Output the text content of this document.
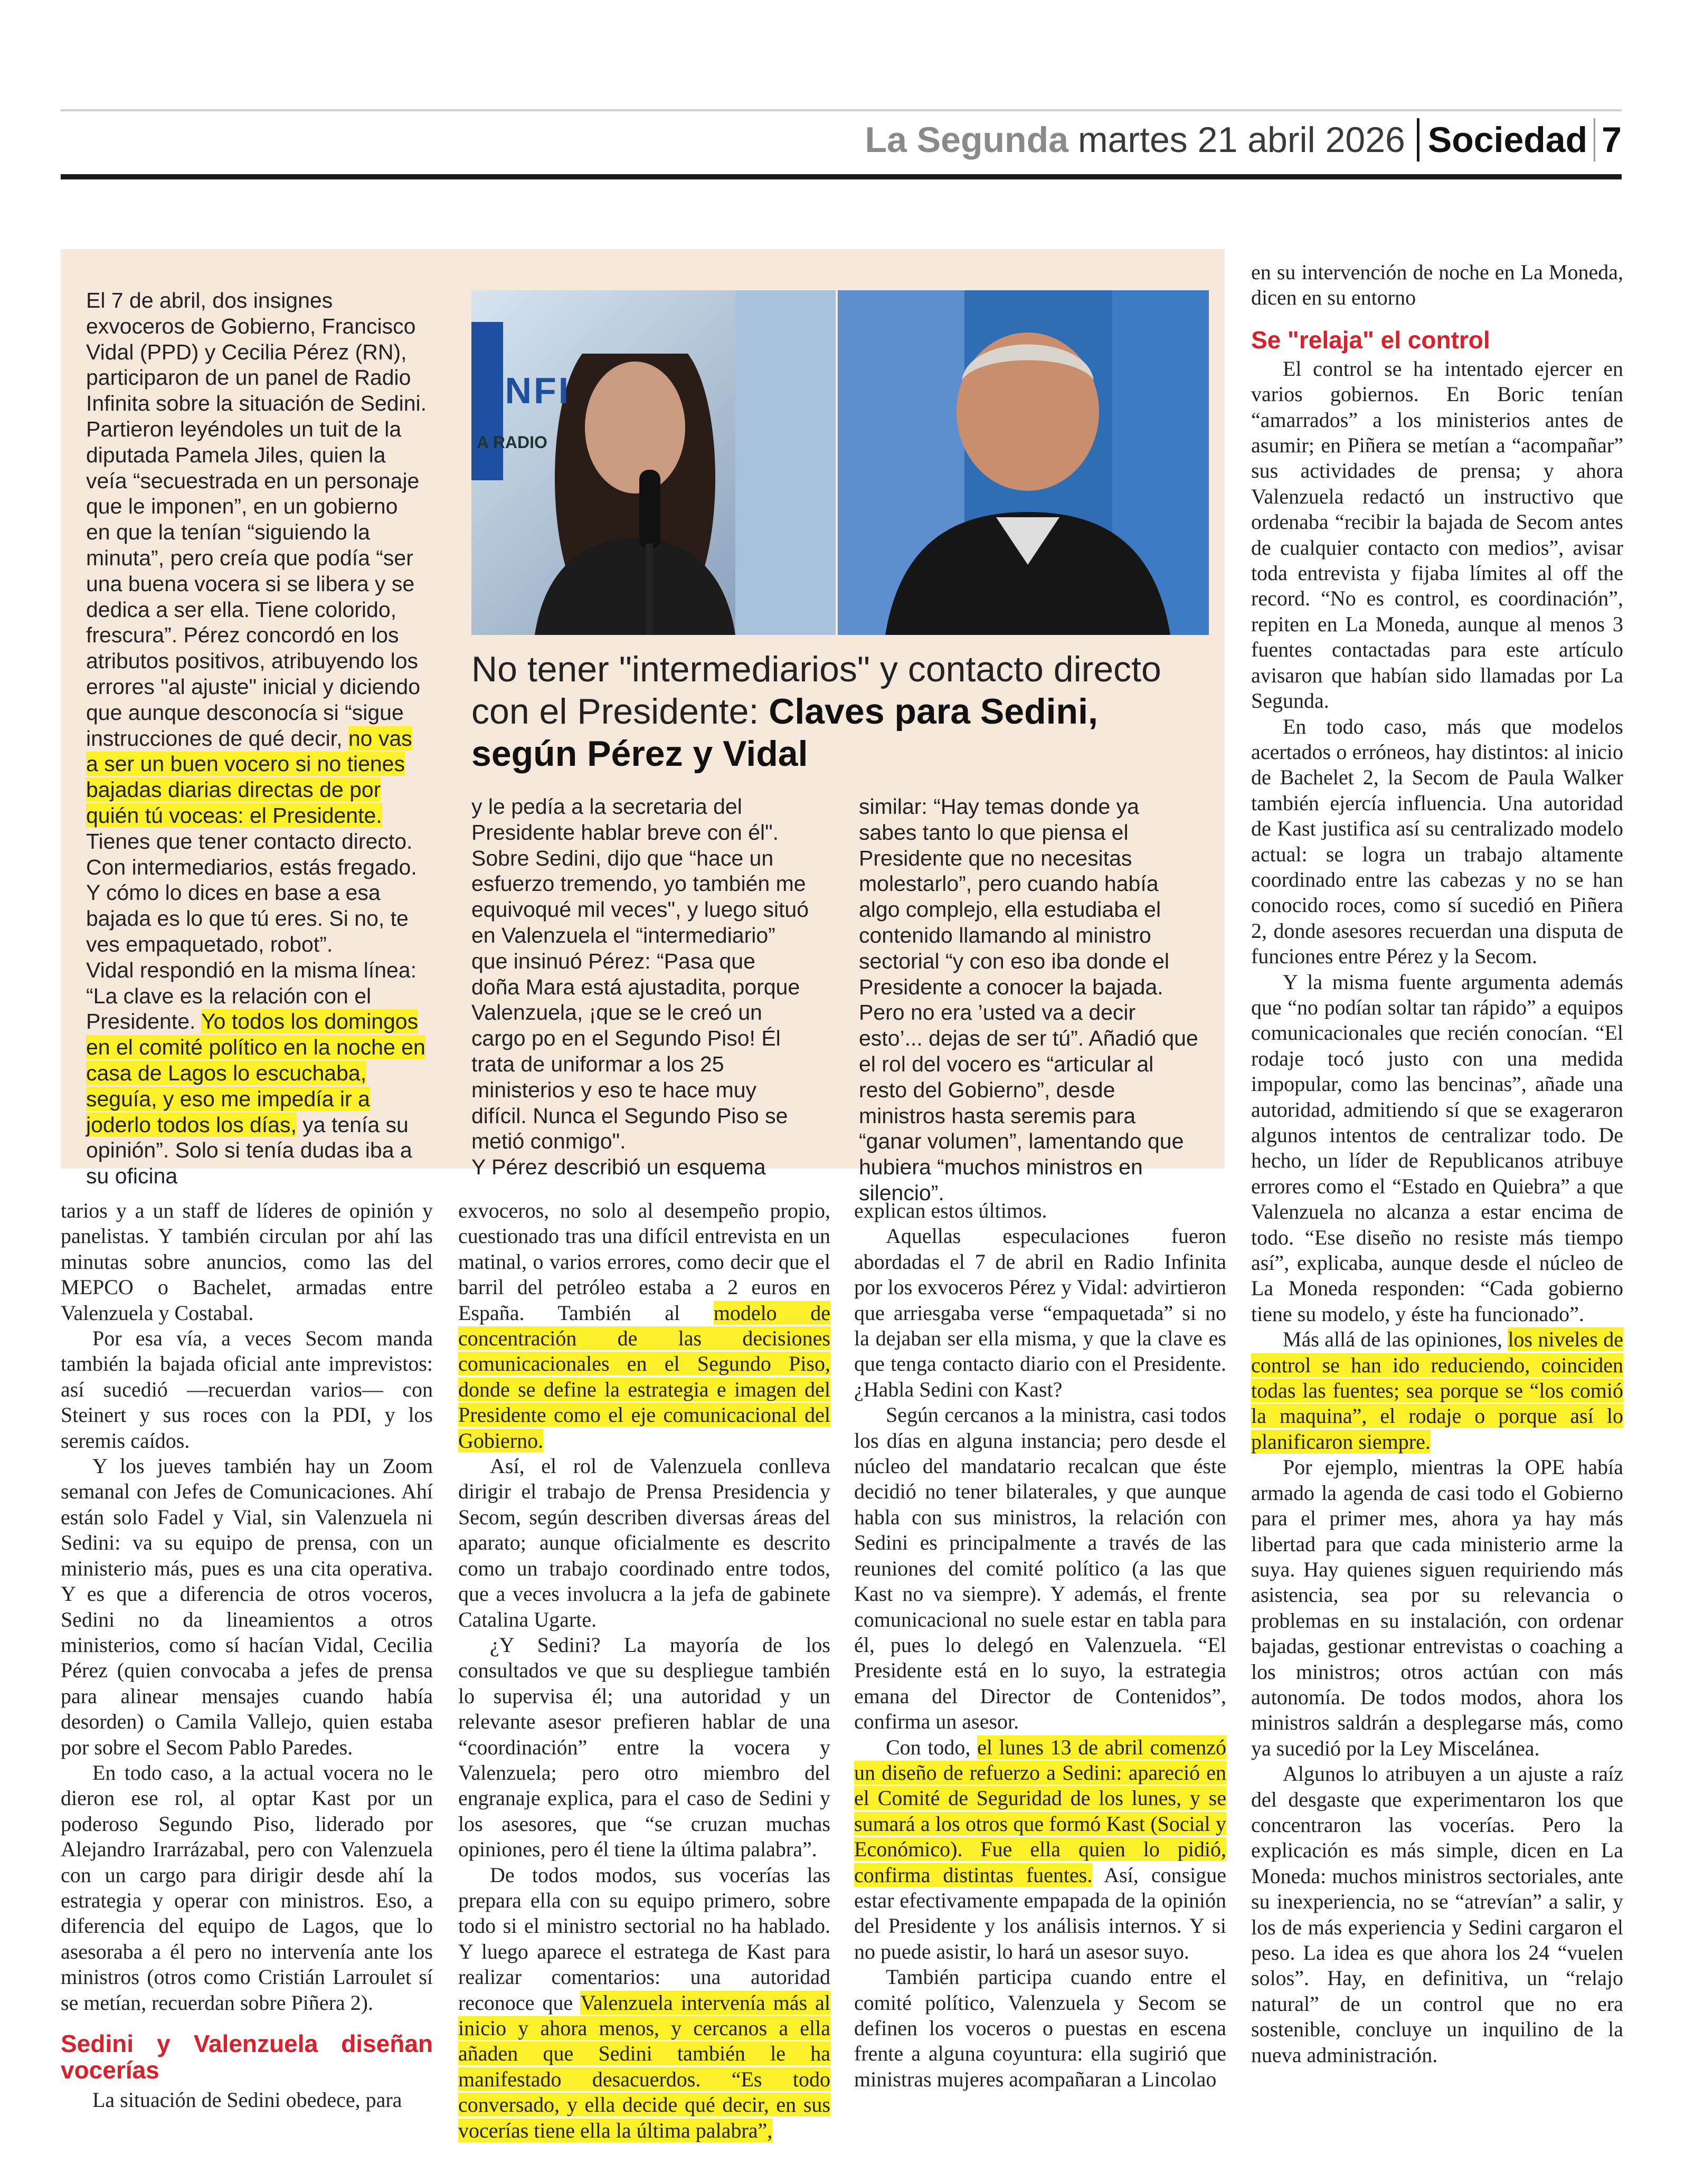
La Segunda martes 21 abril 2026 Sociedad 7

El 7 de abril, dos insignes exvoceros de Gobierno, Francisco Vidal (PPD) y Cecilia Pérez (RN), participaron de un panel de Radio Infinita sobre la situación de Sedini. Partieron leyéndoles un tuit de la diputada Pamela Jiles, quien la veía “secuestrada en un personaje que le imponen”, en un gobierno en que la tenían “siguiendo la minuta”, pero creía que podía “ser una buena vocera si se libera y se dedica a ser ella. Tiene colorido, frescura”. Pérez concordó en los atributos positivos, atribuyendo los errores "al ajuste" inicial y diciendo que aunque desconocía si “sigue instrucciones de qué decir, no vas a ser un buen vocero si no tienes bajadas diarias directas de por quién tú voceas: el Presidente. Tienes que tener contacto directo. Con intermediarios, estás fregado. Y cómo lo dices en base a esa bajada es lo que tú eres. Si no, te ves empaquetado, robot”.

Vidal respondió en la misma línea: “La clave es la relación con el Presidente. Yo todos los domingos en el comité político en la noche en casa de Lagos lo escuchaba, seguía, y eso me impedía ir a joderlo todos los días, ya tenía su opinión”. Solo si tenía dudas iba a su oficina

INFI
A RADIO
No tener "intermediarios" y contacto directo con el Presidente: Claves para Sedini, según Pérez y Vidal

y le pedía a la secretaria del Presidente hablar breve con él". Sobre Sedini, dijo que “hace un esfuerzo tremendo, yo también me equivoqué mil veces", y luego situó en Valenzuela el “intermediario” que insinuó Pérez: “Pasa que doña Mara está ajustadita, porque Valenzuela, ¡que se le creó un cargo po en el Segundo Piso! Él trata de uniformar a los 25 ministerios y eso te hace muy difícil. Nunca el Segundo Piso se metió conmigo".

Y Pérez describió un esquema

similar: “Hay temas donde ya sabes tanto lo que piensa el Presidente que no necesitas molestarlo”, pero cuando había algo complejo, ella estudiaba el contenido llamando al ministro sectorial “y con eso iba donde el Presidente a conocer la bajada. Pero no era ’usted va a decir esto’... dejas de ser tú”. Añadió que el rol del vocero es “articular al resto del Gobierno”, desde ministros hasta seremis para “ganar volumen”, lamentando que hubiera “muchos ministros en silencio”.

tarios y a un staff de líderes de opinión y panelistas. Y también circulan por ahí las minutas sobre anuncios, como las del MEPCO o Bachelet, armadas entre Valenzuela y Costabal.

Por esa vía, a veces Secom manda también la bajada oficial ante imprevistos: así sucedió —recuerdan varios— con Steinert y sus roces con la PDI, y los seremis caídos.

Y los jueves también hay un Zoom semanal con Jefes de Comunicaciones. Ahí están solo Fadel y Vial, sin Valenzuela ni Sedini: va su equipo de prensa, con un ministerio más, pues es una cita operativa. Y es que a diferencia de otros voceros, Sedini no da lineamientos a otros ministerios, como sí hacían Vidal, Cecilia Pérez (quien convocaba a jefes de prensa para alinear mensajes cuando había desorden) o Camila Vallejo, quien estaba por sobre el Secom Pablo Paredes.

En todo caso, a la actual vocera no le dieron ese rol, al optar Kast por un poderoso Segundo Piso, liderado por Alejandro Irarrázabal, pero con Valenzuela con un cargo para dirigir desde ahí la estrategia y operar con ministros. Eso, a diferencia del equipo de Lagos, que lo asesoraba a él pero no intervenía ante los ministros (otros como Cristián Larroulet sí se metían, recuerdan sobre Piñera 2).

Sedini y Valenzuela diseñan vocerías

La situación de Sedini obedece, para

exvoceros, no solo al desempeño propio, cuestionado tras una difícil entrevista en un matinal, o varios errores, como decir que el barril del petróleo estaba a 2 euros en España. También al modelo de concentración de las decisiones comunicacionales en el Segundo Piso, donde se define la estrategia e imagen del Presidente como el eje comunicacional del Gobierno.

Así, el rol de Valenzuela conlleva dirigir el trabajo de Prensa Presidencia y Secom, según describen diversas áreas del aparato; aunque oficialmente es descrito como un trabajo coordinado entre todos, que a veces involucra a la jefa de gabinete Catalina Ugarte.

¿Y Sedini? La mayoría de los consultados ve que su despliegue también lo supervisa él; una autoridad y un relevante asesor prefieren hablar de una “coordinación” entre la vocera y Valenzuela; pero otro miembro del engranaje explica, para el caso de Sedini y los asesores, que “se cruzan muchas opiniones, pero él tiene la última palabra”.

De todos modos, sus vocerías las prepara ella con su equipo primero, sobre todo si el ministro sectorial no ha hablado. Y luego aparece el estratega de Kast para realizar comentarios: una autoridad reconoce que Valenzuela intervenía más al inicio y ahora menos, y cercanos a ella añaden que Sedini también le ha manifestado desacuerdos. “Es todo conversado, y ella decide qué decir, en sus vocerías tiene ella la última palabra”,

explican estos últimos.

Aquellas especulaciones fueron abordadas el 7 de abril en Radio Infinita por los exvoceros Pérez y Vidal: advirtieron que arriesgaba verse “empaquetada” si no la dejaban ser ella misma, y que la clave es que tenga contacto diario con el Presidente. ¿Habla Sedini con Kast?

Según cercanos a la ministra, casi todos los días en alguna instancia; pero desde el núcleo del mandatario recalcan que éste decidió no tener bilaterales, y que aunque habla con sus ministros, la relación con Sedini es principalmente a través de las reuniones del comité político (a las que Kast no va siempre). Y además, el frente comunicacional no suele estar en tabla para él, pues lo delegó en Valenzuela. “El Presidente está en lo suyo, la estrategia emana del Director de Contenidos”, confirma un asesor.

Con todo, el lunes 13 de abril comenzó un diseño de refuerzo a Sedini: apareció en el Comité de Seguridad de los lunes, y se sumará a los otros que formó Kast (Social y Económico). Fue ella quien lo pidió, confirma distintas fuentes. Así, consigue estar efectivamente empapada de la opinión del Presidente y los análisis internos. Y si no puede asistir, lo hará un asesor suyo.

También participa cuando entre el comité político, Valenzuela y Secom se definen los voceros o puestas en escena frente a alguna coyuntura: ella sugirió que ministras mujeres acompañaran a Lincolao

en su intervención de noche en La Moneda, dicen en su entorno

Se "relaja" el control

El control se ha intentado ejercer en varios gobiernos. En Boric tenían “amarrados” a los ministerios antes de asumir; en Piñera se metían a “acompañar” sus actividades de prensa; y ahora Valenzuela redactó un instructivo que ordenaba “recibir la bajada de Secom antes de cualquier contacto con medios”, avisar toda entrevista y fijaba límites al off the record. “No es control, es coordinación”, repiten en La Moneda, aunque al menos 3 fuentes contactadas para este artículo avisaron que habían sido llamadas por La Segunda.

En todo caso, más que modelos acertados o erróneos, hay distintos: al inicio de Bachelet 2, la Secom de Paula Walker también ejercía influencia. Una autoridad de Kast justifica así su centralizado modelo actual: se logra un trabajo altamente coordinado entre las cabezas y no se han conocido roces, como sí sucedió en Piñera 2, donde asesores recuerdan una disputa de funciones entre Pérez y la Secom.

Y la misma fuente argumenta además que “no podían soltar tan rápido” a equipos comunicacionales que recién conocían. “El rodaje tocó justo con una medida impopular, como las bencinas”, añade una autoridad, admitiendo sí que se exageraron algunos intentos de centralizar todo. De hecho, un líder de Republicanos atribuye errores como el “Estado en Quiebra” a que Valenzuela no alcanza a estar encima de todo. “Ese diseño no resiste más tiempo así”, explicaba, aunque desde el núcleo de La Moneda responden: “Cada gobierno tiene su modelo, y éste ha funcionado”.

Más allá de las opiniones, los niveles de control se han ido reduciendo, coinciden todas las fuentes; sea porque se “los comió la maquina”, el rodaje o porque así lo planificaron siempre.

Por ejemplo, mientras la OPE había armado la agenda de casi todo el Gobierno para el primer mes, ahora ya hay más libertad para que cada ministerio arme la suya. Hay quienes siguen requiriendo más asistencia, sea por su relevancia o problemas en su instalación, con ordenar bajadas, gestionar entrevistas o coaching a los ministros; otros actúan con más autonomía. De todos modos, ahora los ministros saldrán a desplegarse más, como ya sucedió por la Ley Miscelánea.

Algunos lo atribuyen a un ajuste a raíz del desgaste que experimentaron los que concentraron las vocerías. Pero la explicación es más simple, dicen en La Moneda: muchos ministros sectoriales, ante su inexperiencia, no se “atrevían” a salir, y los de más experiencia y Sedini cargaron el peso. La idea es que ahora los 24 “vuelen solos”. Hay, en definitiva, un “relajo natural” de un control que no era sostenible, concluye un inquilino de la nueva administración.
